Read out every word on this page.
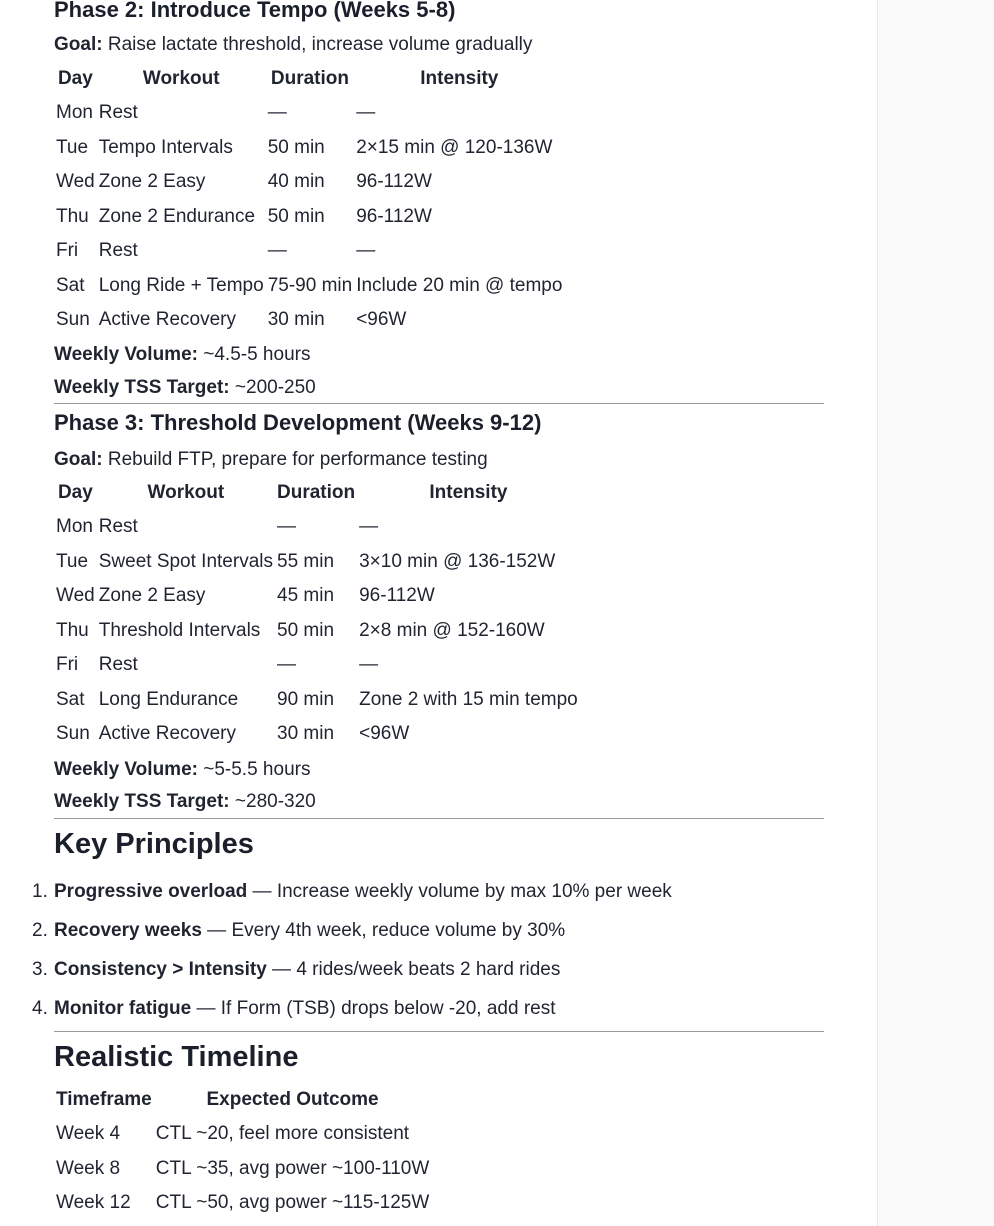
Phase 2: Introduce Tempo (Weeks 5-8)
Goal: Raise lactate threshold, increase volume gradually
Day	Workout	Duration	Intensity
Mon	Rest	—	—
Tue	Tempo Intervals	50 min	2×15 min @ 120-136W
Wed	Zone 2 Easy	40 min	96-112W
Thu	Zone 2 Endurance	50 min	96-112W
Fri	Rest	—	—
Sat	Long Ride + Tempo	75-90 min	Include 20 min @ tempo
Sun	Active Recovery	30 min	<96W
Weekly Volume: ~4.5-5 hours
Weekly TSS Target: ~200-250
Phase 3: Threshold Development (Weeks 9-12)
Goal: Rebuild FTP, prepare for performance testing
Day	Workout	Duration	Intensity
Mon	Rest	—	—
Tue	Sweet Spot Intervals	55 min	3×10 min @ 136-152W
Wed	Zone 2 Easy	45 min	96-112W
Thu	Threshold Intervals	50 min	2×8 min @ 152-160W
Fri	Rest	—	—
Sat	Long Endurance	90 min	Zone 2 with 15 min tempo
Sun	Active Recovery	30 min	<96W
Weekly Volume: ~5-5.5 hours
Weekly TSS Target: ~280-320
Key Principles
1. Progressive overload — Increase weekly volume by max 10% per week
2. Recovery weeks — Every 4th week, reduce volume by 30%
3. Consistency > Intensity — 4 rides/week beats 2 hard rides
4. Monitor fatigue — If Form (TSB) drops below -20, add rest
Realistic Timeline
Timeframe	Expected Outcome
Week 4	CTL ~20, feel more consistent
Week 8	CTL ~35, avg power ~100-110W
Week 12	CTL ~50, avg power ~115-125W
